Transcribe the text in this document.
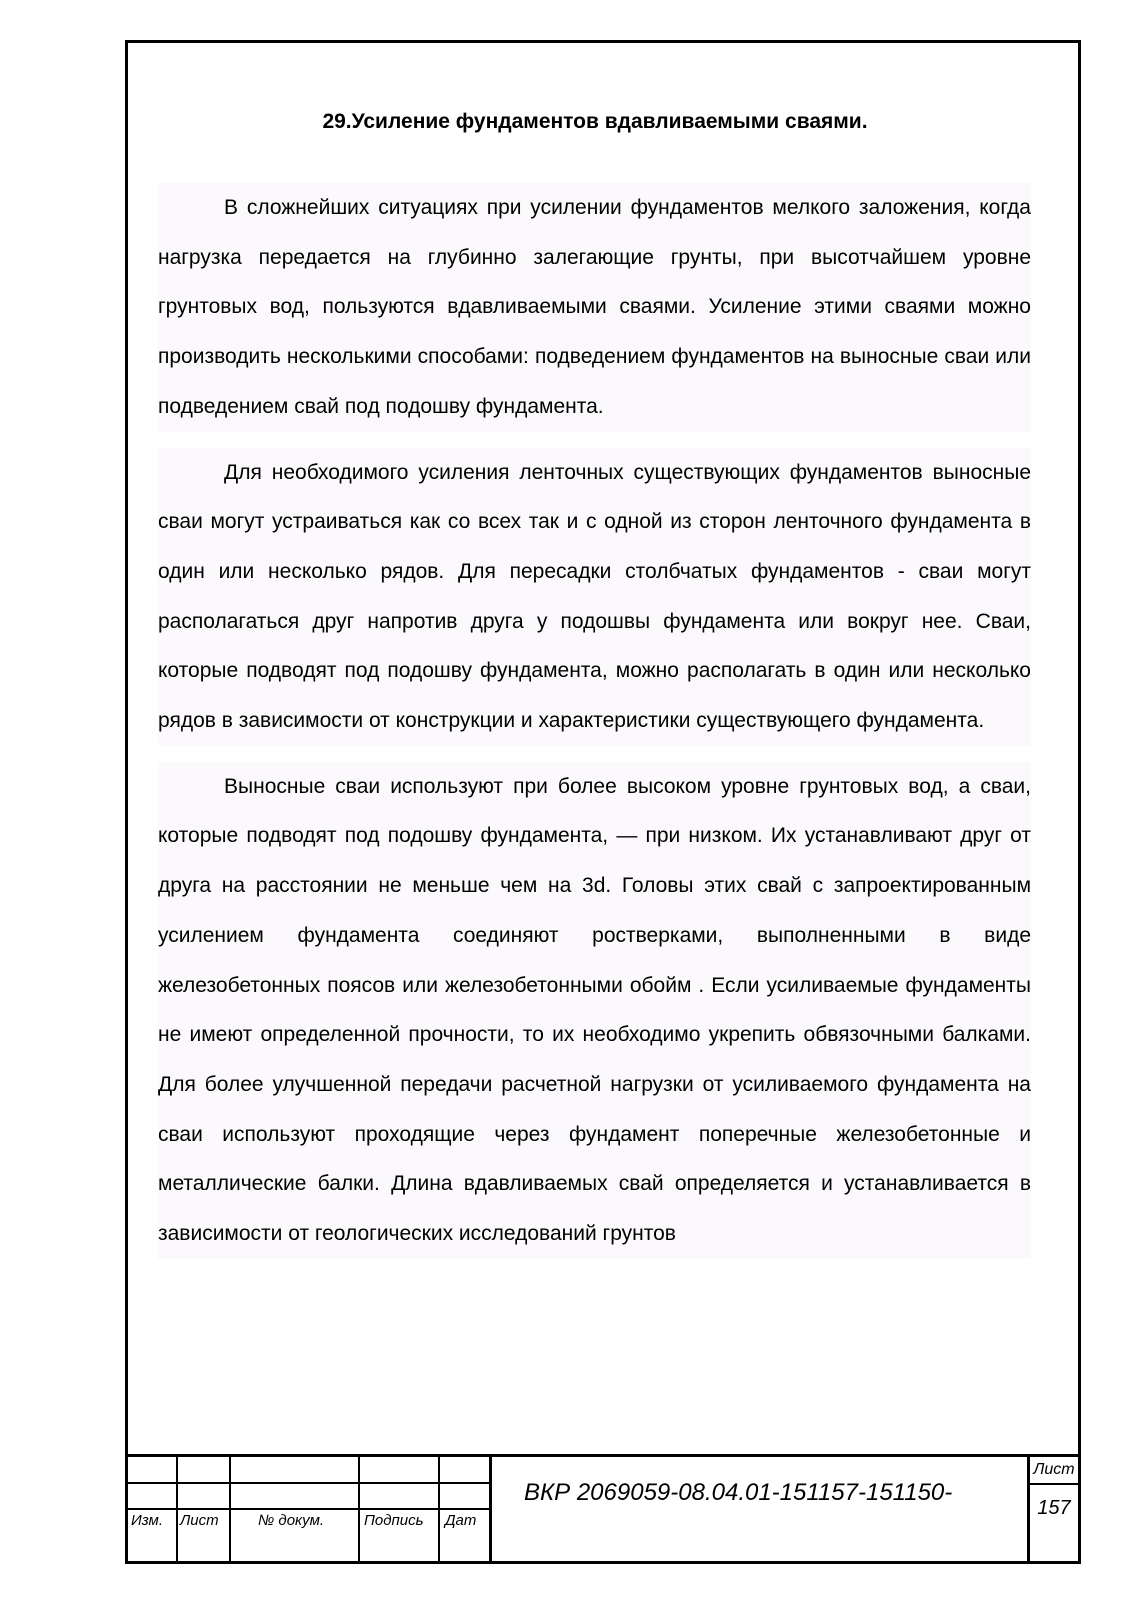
29.Усиление фундаментов вдавливаемыми сваями.

В сложнейших ситуациях при усилении фундаментов мелкого заложения, когда нагрузка передается на глубинно залегающие грунты, при высотчайшем уровне грунтовых вод, пользуются вдавливаемыми сваями. Усиление этими сваями можно производить несколькими способами: подведением фундаментов на выносные сваи или подведением свай под подошву фундамента.

Для необходимого усиления ленточных существующих фундаментов выносные сваи могут устраиваться как со всех так и с одной из сторон ленточного фундамента в один или несколько рядов. Для пересадки столбчатых фундаментов - сваи могут располагаться друг напротив друга у подошвы фундамента или вокруг нее. Сваи, которые подводят под подошву фундамента, можно располагать в один или несколько рядов в зависимости от конструкции и характеристики существующего фундамента.

Выносные сваи используют при более высоком уровне грунтовых вод, а сваи, которые подводят под подошву фундамента, — при низком. Их устанавливают друг от друга на расстоянии не меньше чем на 3d. Головы этих свай с запроектированным усилением фундамента соединяют ростверками, выполненными в виде железобетонных поясов или железобетонными обойм . Если усиливаемые фундаменты не имеют определенной прочности, то их необходимо укрепить обвязочными балками. Для более улучшенной передачи расчетной нагрузки от усиливаемого фундамента на сваи используют проходящие через фундамент поперечные железобетонные и металлические балки. Длина вдавливаемых свай определяется и устанавливается в зависимости от геологических исследований грунтов

Изм. Лист	№ докум.	Подпись Дат
ВКР 2069059-08.04.01-151157-151150-
Лист
157
